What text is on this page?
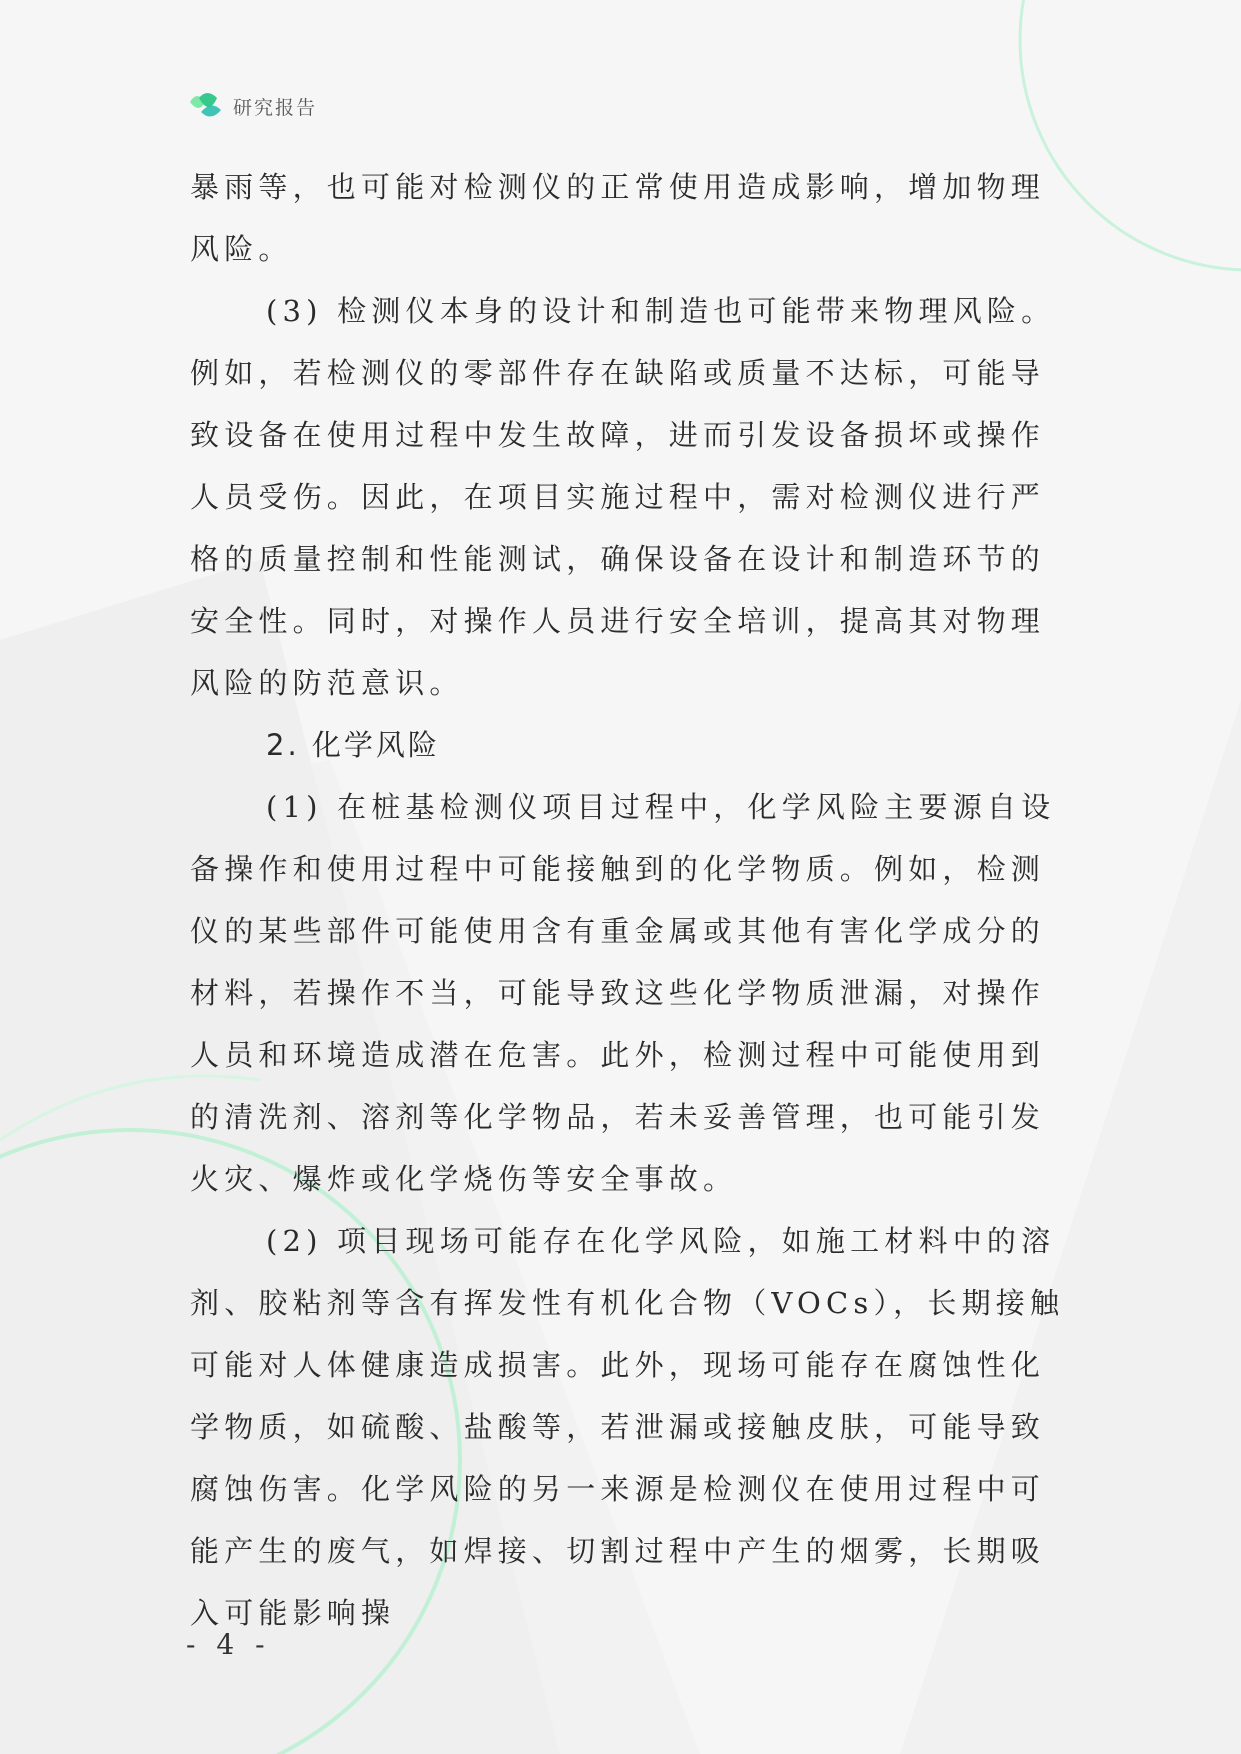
研究报告

暴雨等，也可能对检测仪的正常使用造成影响，增加物理风险。

(3) 检测仪本身的设计和制造也可能带来物理风险。例如，若检测仪的零部件存在缺陷或质量不达标，可能导致设备在使用过程中发生故障，进而引发设备损坏或操作人员受伤。因此，在项目实施过程中，需对检测仪进行严格的质量控制和性能测试，确保设备在设计和制造环节的安全性。同时，对操作人员进行安全培训，提高其对物理风险的防范意识。

2. 化学风险

(1) 在桩基检测仪项目过程中，化学风险主要源自设备操作和使用过程中可能接触到的化学物质。例如，检测仪的某些部件可能使用含有重金属或其他有害化学成分的材料，若操作不当，可能导致这些化学物质泄漏，对操作人员和环境造成潜在危害。此外，检测过程中可能使用到的清洗剂、溶剂等化学物品，若未妥善管理，也可能引发火灾、爆炸或化学烧伤等安全事故。

(2) 项目现场可能存在化学风险，如施工材料中的溶剂、胶粘剂等含有挥发性有机化合物（VOCs），长期接触可能对人体健康造成损害。此外，现场可能存在腐蚀性化学物质，如硫酸、盐酸等，若泄漏或接触皮肤，可能导致腐蚀伤害。化学风险的另一来源是检测仪在使用过程中可能产生的废气，如焊接、切割过程中产生的烟雾，长期吸入可能影响操

- 4 -
